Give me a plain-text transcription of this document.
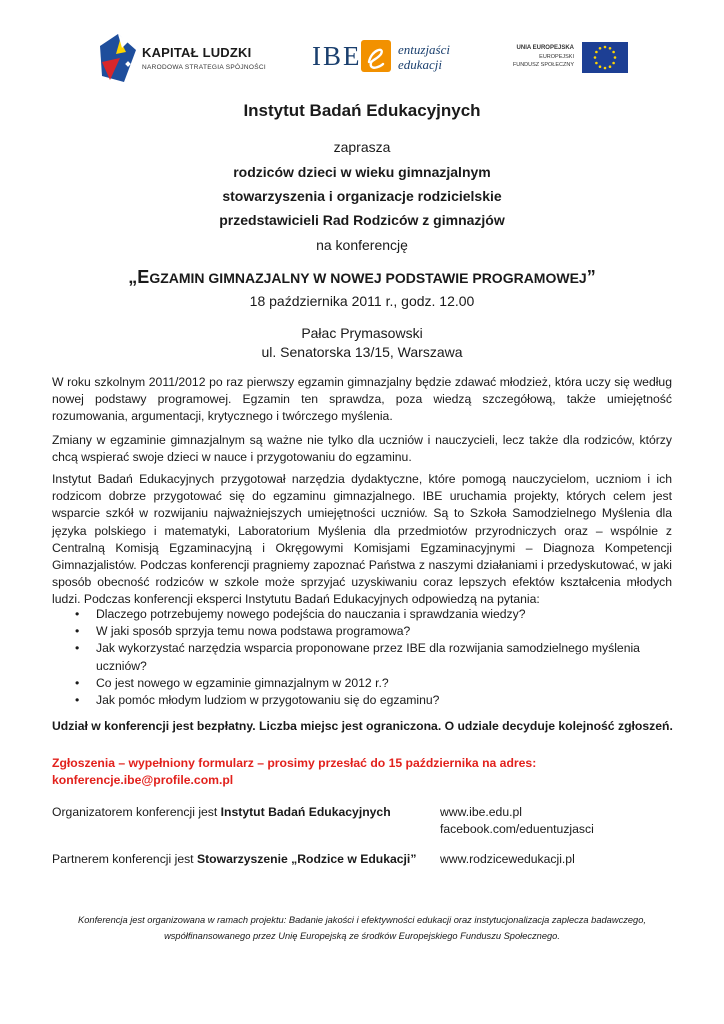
KAPITAŁ LUDZKI
NARODOWA STRATEGIA SPÓJNOŚCI IBE	entuzjaści
edukacji
UNIA EUROPEJSKA
EUROPEJSKI
FUNDUSZ SPOŁECZNY
Instytut Badań Edukacyjnych
zaprasza
rodziców dzieci w wieku gimnazjalnym
stowarzyszenia i organizacje rodzicielskie
przedstawicieli Rad Rodziców z gimnazjów
na konferencję
„EGZAMIN GIMNAZJALNY W NOWEJ PODSTAWIE PROGRAMOWEJ”
18 października 2011 r., godz. 12.00
Pałac Prymasowski
ul. Senatorska 13/15, Warszawa
W roku szkolnym 2011/2012 po raz pierwszy egzamin gimnazjalny będzie zdawać młodzież, która uczy się według nowej podstawy programowej. Egzamin ten sprawdza, poza wiedzą szczegółową, także umiejętność rozumowania, argumentacji, krytycznego i twórczego myślenia.
Zmiany w egzaminie gimnazjalnym są ważne nie tylko dla uczniów i nauczycieli, lecz także dla rodziców, którzy chcą wspierać swoje dzieci w nauce i przygotowaniu do egzaminu.
Instytut Badań Edukacyjnych przygotował narzędzia dydaktyczne, które pomogą nauczycielom, uczniom i ich rodzicom dobrze przygotować się do egzaminu gimnazjalnego. IBE uruchamia projekty, których celem jest wsparcie szkół w rozwijaniu najważniejszych umiejętności uczniów. Są to Szkoła Samodzielnego Myślenia dla języka polskiego i matematyki, Laboratorium Myślenia dla przedmiotów przyrodniczych oraz – wspólnie z Centralną Komisją Egzaminacyjną i Okręgowymi Komisjami Egzaminacyjnymi – Diagnoza Kompetencji Gimnazjalistów. Podczas konferencji pragniemy zapoznać Państwa z naszymi działaniami i przedyskutować, w jaki sposób obecność rodziców w szkole może sprzyjać uzyskiwaniu coraz lepszych efektów kształcenia młodych ludzi. Podczas konferencji eksperci Instytutu Badań Edukacyjnych odpowiedzą na pytania:
• Dlaczego potrzebujemy nowego podejścia do nauczania i sprawdzania wiedzy?
• W jaki sposób sprzyja temu nowa podstawa programowa?
• Jak wykorzystać narzędzia wsparcia proponowane przez IBE dla rozwijania samodzielnego myślenia uczniów?
• Co jest nowego w egzaminie gimnazjalnym w 2012 r.?
• Jak pomóc młodym ludziom w przygotowaniu się do egzaminu?
Udział w konferencji jest bezpłatny. Liczba miejsc jest ograniczona. O udziale decyduje kolejność zgłoszeń.
Zgłoszenia – wypełniony formularz – prosimy przesłać do 15 października na adres:
konferencje.ibe@profile.com.pl
Organizatorem konferencji jest Instytut Badań Edukacyjnych	www.ibe.edu.pl
facebook.com/eduentuzjasci
Partnerem konferencji jest Stowarzyszenie „Rodzice w Edukacji” www.rodzicewedukacji.pl
Konferencja jest organizowana w ramach projektu: Badanie jakości i efektywności edukacji oraz instytucjonalizacja zaplecza badawczego,
współfinansowanego przez Unię Europejską ze środków Europejskiego Funduszu Społecznego.
